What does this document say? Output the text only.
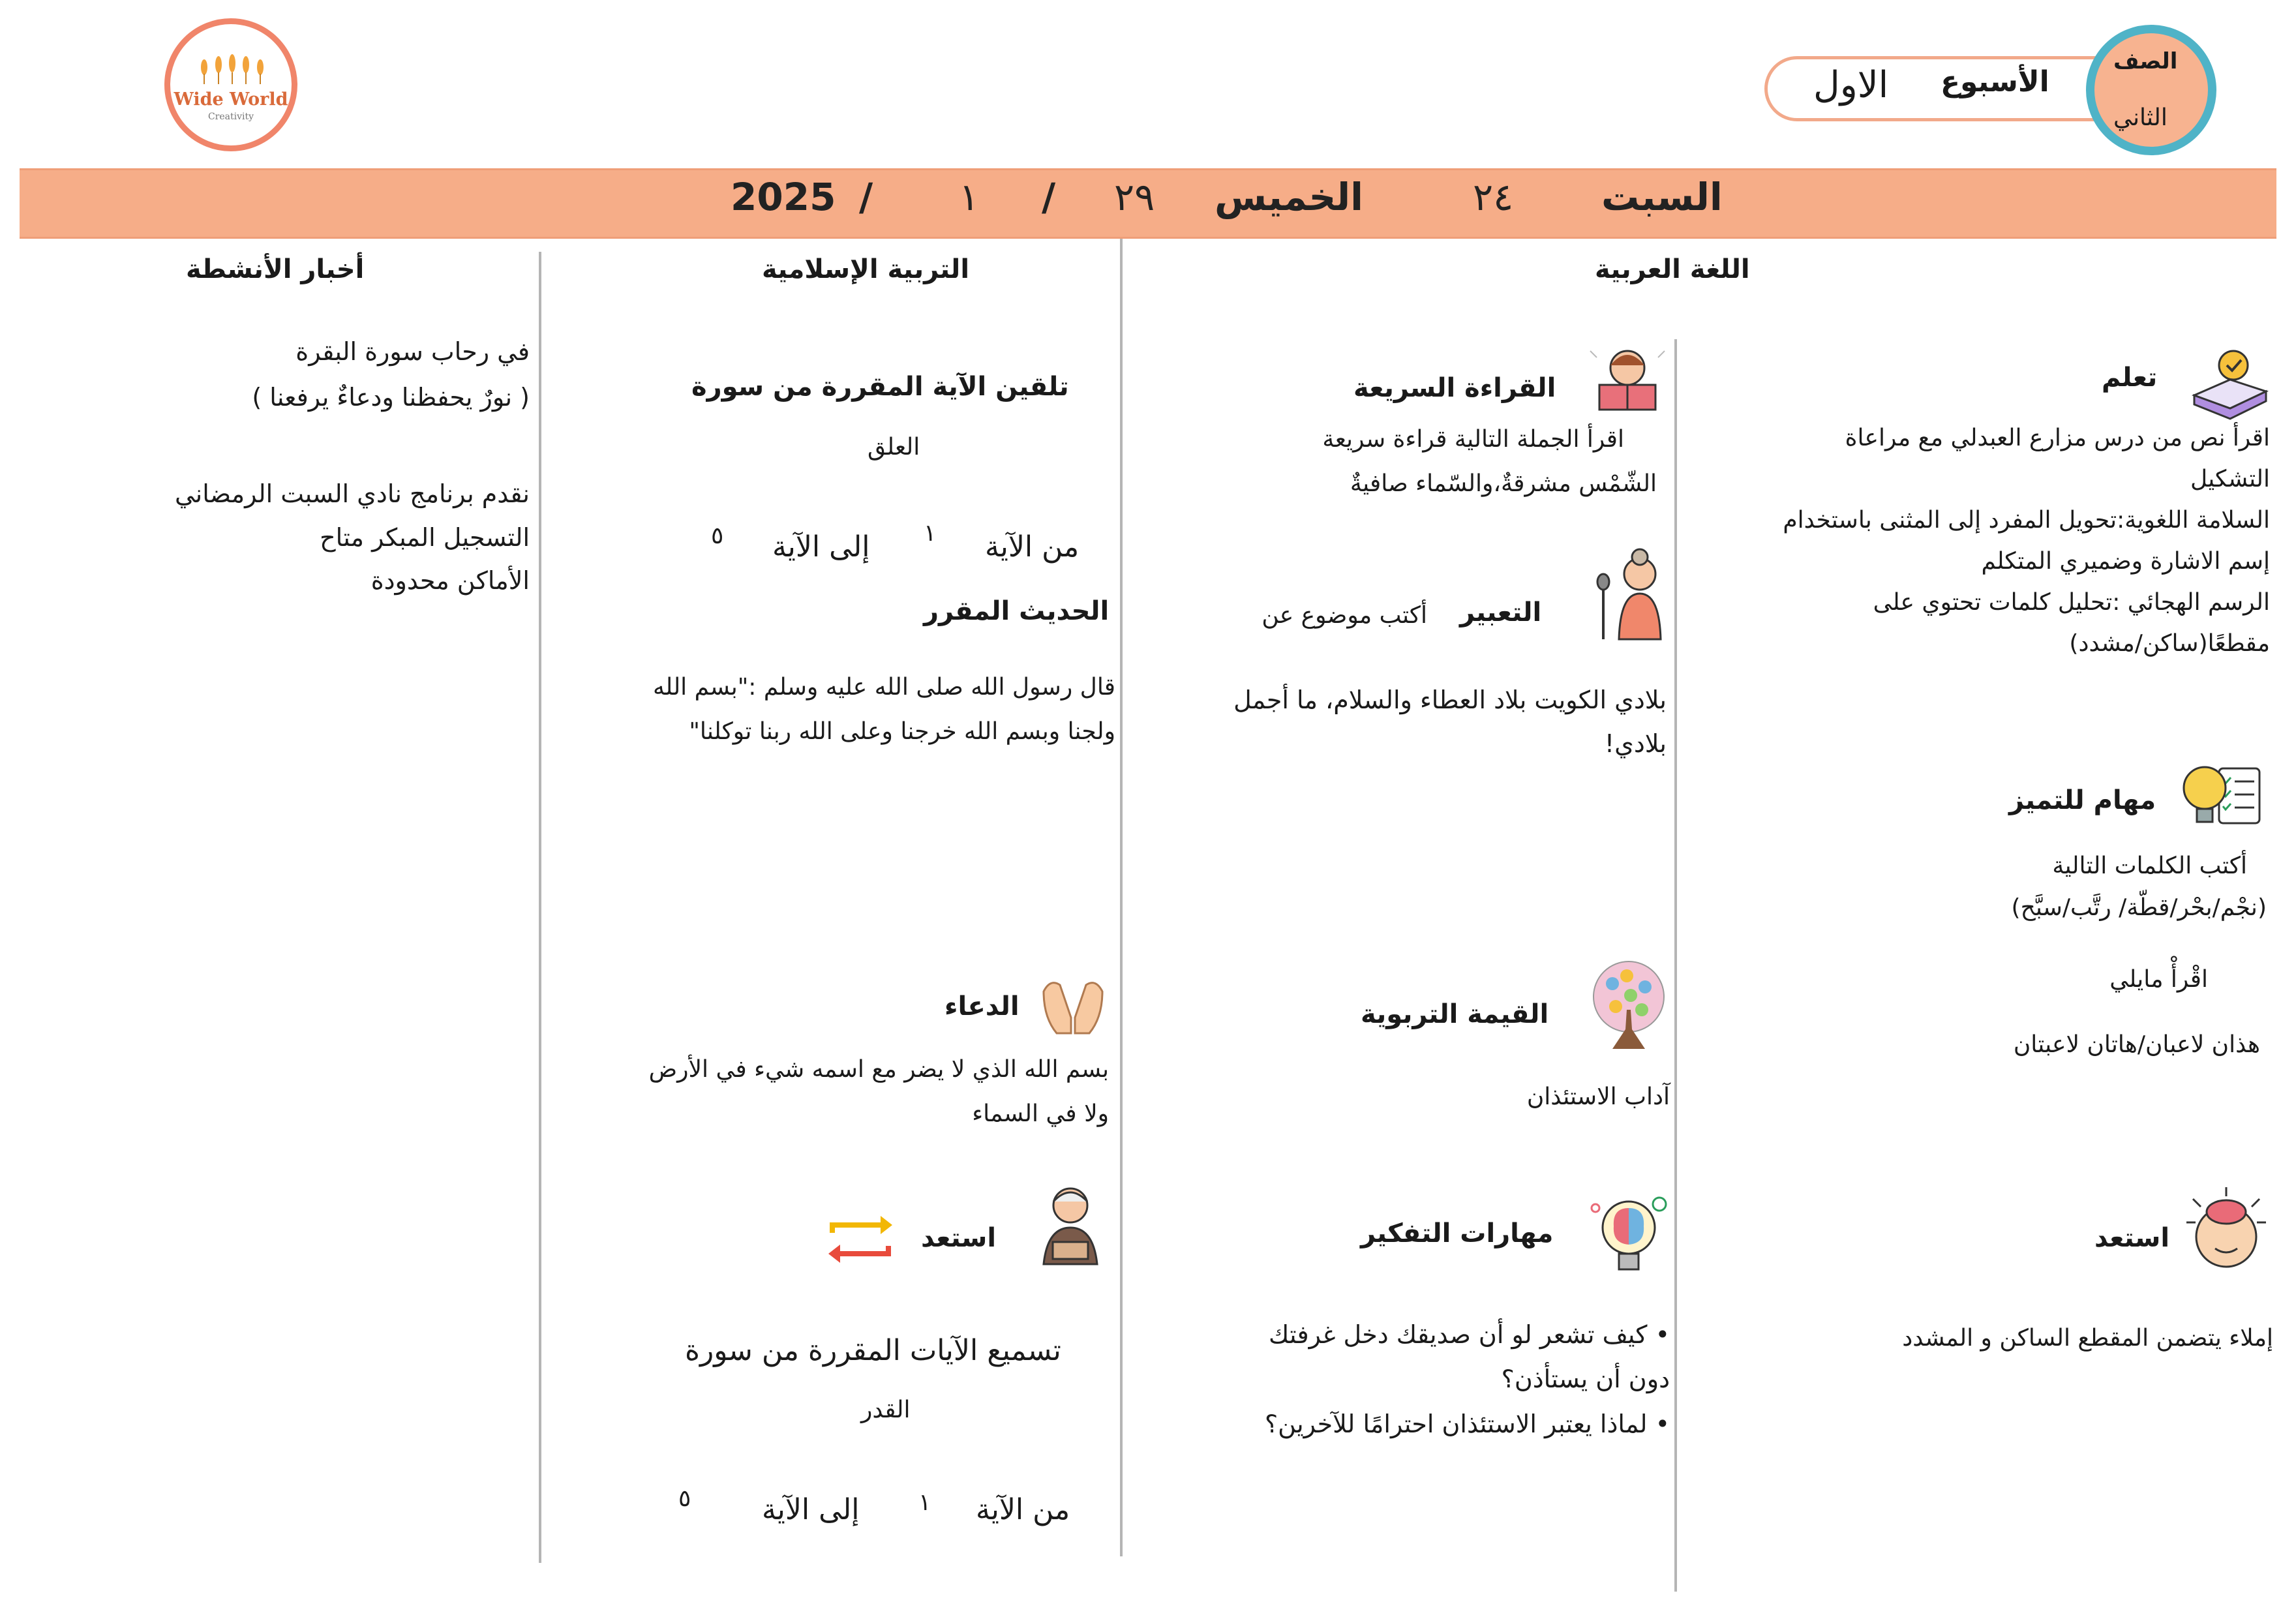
Wide World
Creativity
الأسبوع
الاول
الصف
الثاني
السبت
٢٤
الخميس
٢٩
/
١
/
2025
اللغة العربية
التربية الإسلامية
أخبار الأنشطة
تعلم
اقرأ نص من درس مزارع العبدلي مع مراعاة
التشكيل
السلامة اللغوية:تحويل المفرد إلى المثنى باستخدام
إسم الاشارة وضميري المتكلم
الرسم الهجائي :تحليل كلمات تحتوي على
مقطعًا(ساكن/مشدد)
مهام للتميز
أكتب الكلمات التالية
(نجْم/بحْر/قطّة/ رتَّب/سبَّح)
اقْرأْ مايلي
هذان لاعبان/هاتان لاعبتان
استعد
إملاء يتضمن المقطع الساكن و المشدد
القراءة السريعة
اقرأ الجملة التالية قراءة سريعة
الشّمْس مشرقةٌ،والسّماء صافيةٌ
التعبير
أكتب موضوع عن
بلادي الكويت بلاد العطاء والسلام، ما أجمل
بلادي!
القيمة التربوية
آداب الاستئذان
مهارات التفكير
• كيف تشعر لو أن صديقك دخل غرفتك
دون أن يستأذن؟
• لماذا يعتبر الاستئذان احترامًا للآخرين؟
تلقين الآية المقررة من سورة
العلق
من الآية
١
إلى الآية
٥
الحديث المقرر
قال رسول الله صلى الله عليه وسلم :"بسم الله
ولجنا وبسم الله خرجنا وعلى الله ربنا توكلنا"
الدعاء
بسم الله الذي لا يضر مع اسمه شيء في الأرض
ولا في السماء
استعد
تسميع الآيات المقررة من سورة
القدر
من الآية
١
إلى الآية
٥
في رحاب سورة البقرة
( نورٌ يحفظنا ودعاءٌ يرفعنا )
نقدم برنامج نادي السبت الرمضاني
التسجيل المبكر متاح
الأماكن محدودة
